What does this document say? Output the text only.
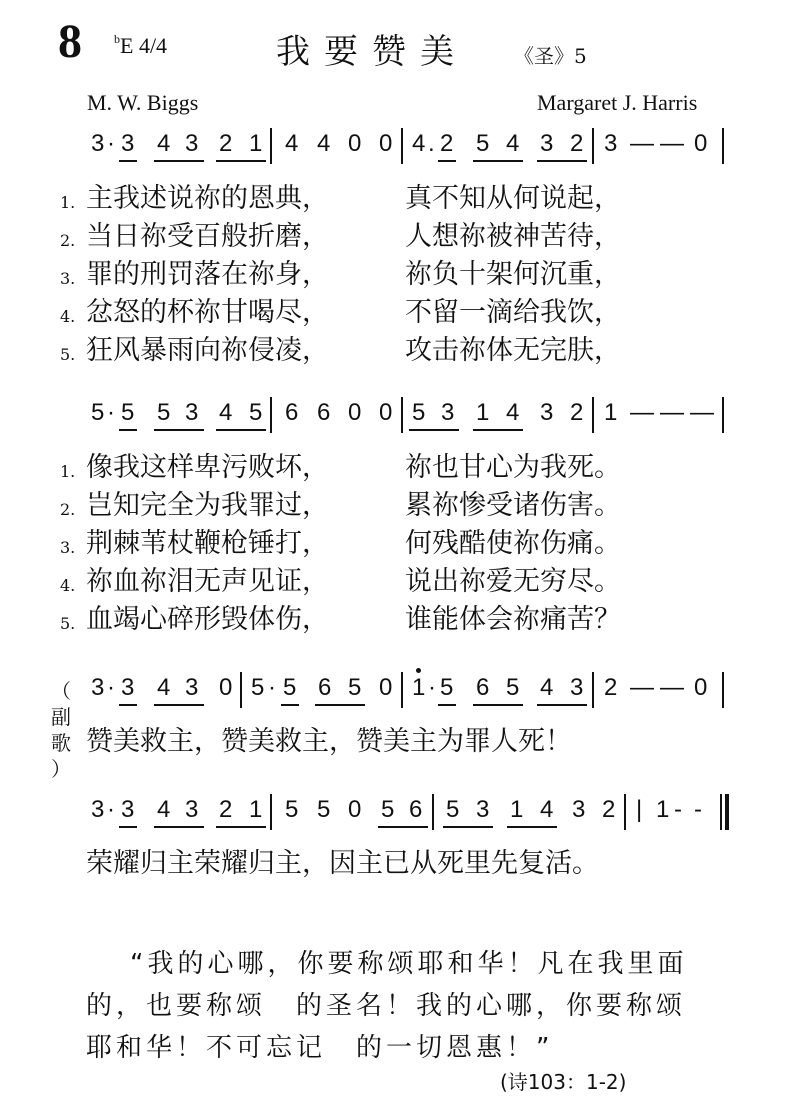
8	$^b$E 4/4	我要赞美 《圣》5
M. W. Biggs	Margaret J. Harris
3 · 3 4 3 2 1 4 4 0 0 4 . 2 5 4 3 2 3 — — 0
1. 主我述说祢的恩典，	真不知从何说起，
2. 当日祢受百般折磨，	人想祢被神苦待，
3. 罪的刑罚落在祢身，	祢负十架何沉重，
4. 忿怒的杯祢甘喝尽，	不留一滴给我饮，
5. 狂风暴雨向祢侵凌，	攻击祢体无完肤，
5 · 5 5 3 4 5 6 6 0 0 5 3 1 4 3 2 1 — — —
1. 像我这样卑污败坏，	祢也甘心为我死。
2. 岂知完全为我罪过，	累祢惨受诸伤害。
3. 荆棘苇杖鞭枪锤打，	何残酷使祢伤痛。
4. 祢血祢泪无声见证，	说出祢爱无穷尽。
5. 血竭心碎形毁体伤，	谁能体会祢痛苦？
（
副
歌
）
3 · 3 4 3 0 5 · 5 6 5 0 1 · 5 6 5 4 3 2 — — 0
赞美救主，赞美救主，赞美主为罪人死！
3 · 3 4 3 2 1 5 5 0 5 6 5 3 1 4 3 2 | 1 - -
荣耀归主荣耀归主，因主已从死里先复活。
“我的心哪，你要称颂耶和华！凡在我里面
的，也要称颂　的圣名！我的心哪，你要称颂
耶和华！不可忘记　的一切恩惠！”
(诗103：1-2)
